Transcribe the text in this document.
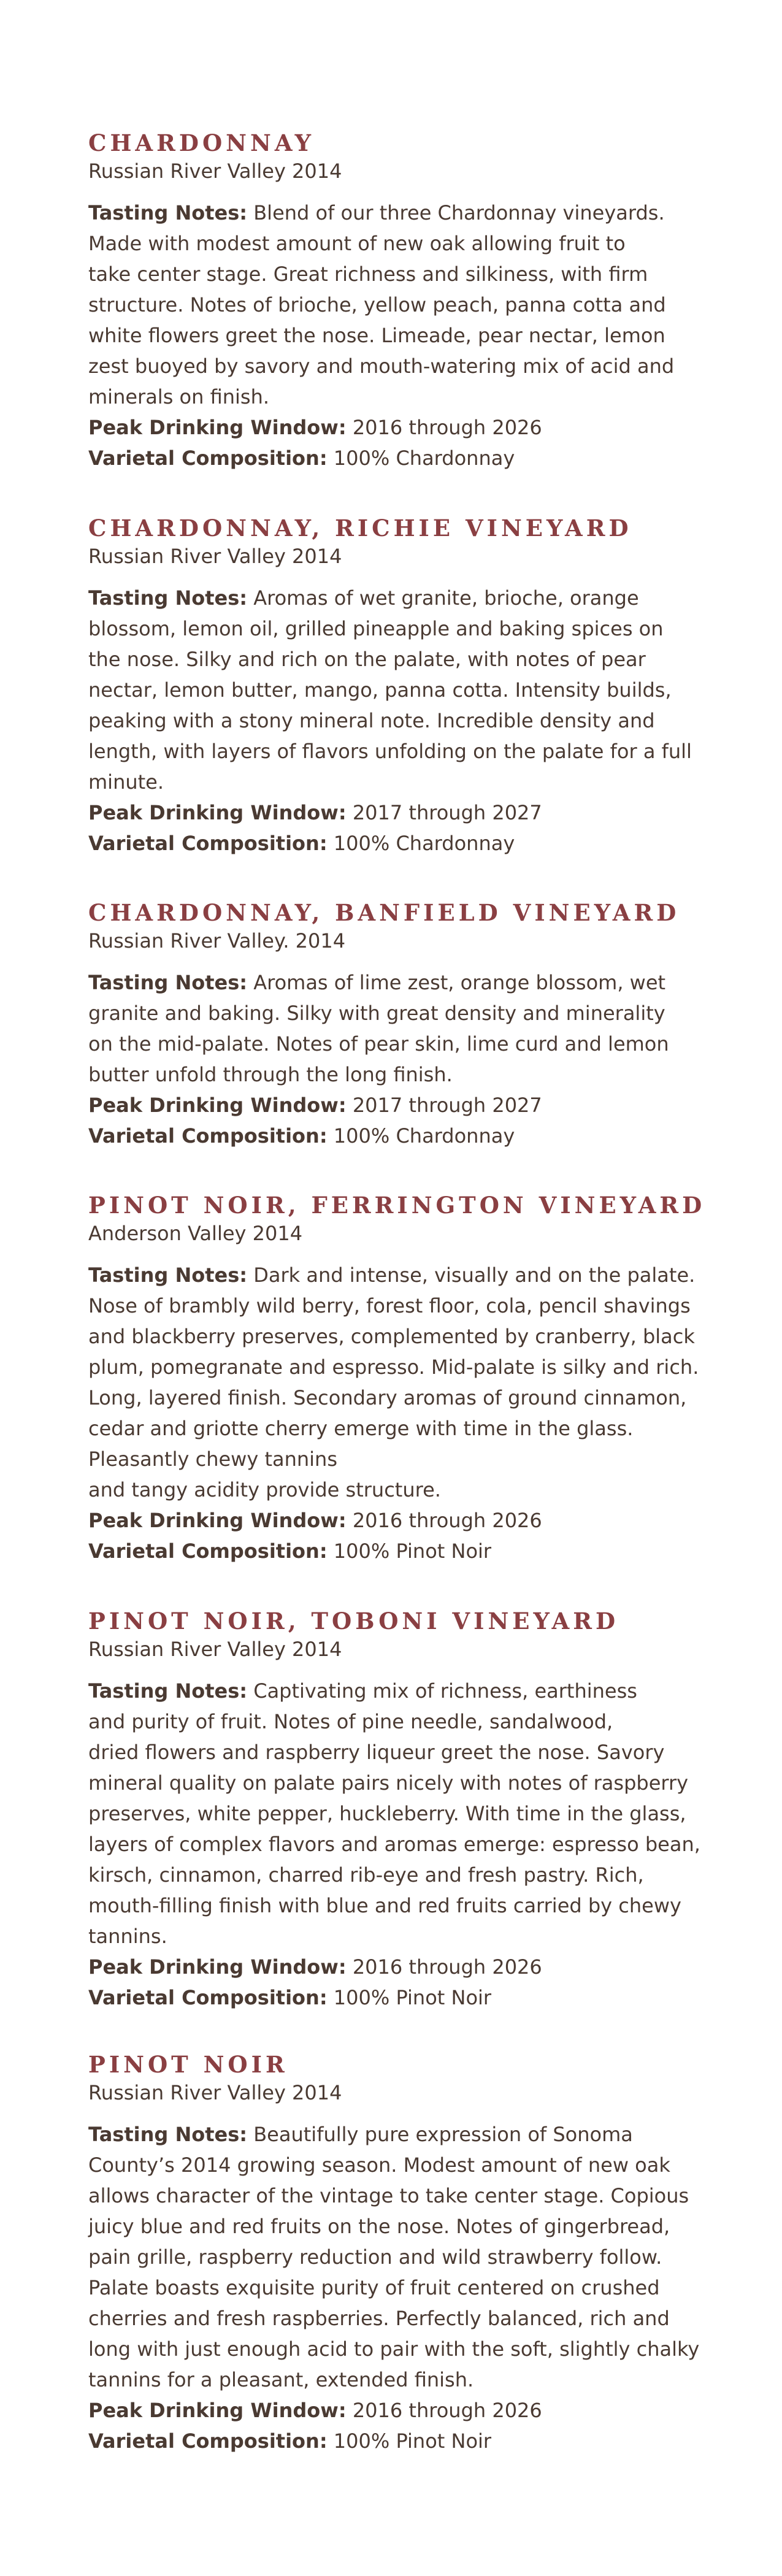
CHARDONNAY
Russian River Valley 2014
Tasting Notes: Blend of our three Chardonnay vineyards.
Made with modest amount of new oak allowing fruit to
take center stage. Great richness and silkiness, with firm
structure. Notes of brioche, yellow peach, panna cotta and
white flowers greet the nose. Limeade, pear nectar, lemon
zest buoyed by savory and mouth-watering mix of acid and
minerals on finish.
Peak Drinking Window: 2016 through 2026
Varietal Composition: 100% Chardonnay
CHARDONNAY, RICHIE VINEYARD
Russian River Valley 2014
Tasting Notes: Aromas of wet granite, brioche, orange
blossom, lemon oil, grilled pineapple and baking spices on
the nose. Silky and rich on the palate, with notes of pear
nectar, lemon butter, mango, panna cotta. Intensity builds,
peaking with a stony mineral note. Incredible density and
length, with layers of flavors unfolding on the palate for a full
minute.
Peak Drinking Window: 2017 through 2027
Varietal Composition: 100% Chardonnay
CHARDONNAY, BANFIELD VINEYARD
Russian River Valley. 2014
Tasting Notes: Aromas of lime zest, orange blossom, wet
granite and baking. Silky with great density and minerality
on the mid-palate. Notes of pear skin, lime curd and lemon
butter unfold through the long finish.
Peak Drinking Window: 2017 through 2027
Varietal Composition: 100% Chardonnay
PINOT NOIR, FERRINGTON VINEYARD
Anderson Valley 2014
Tasting Notes: Dark and intense, visually and on the palate.
Nose of brambly wild berry, forest floor, cola, pencil shavings
and blackberry preserves, complemented by cranberry, black
plum, pomegranate and espresso. Mid-palate is silky and rich.
Long, layered finish. Secondary aromas of ground cinnamon,
cedar and griotte cherry emerge with time in the glass.
Pleasantly chewy tannins
and tangy acidity provide structure.
Peak Drinking Window: 2016 through 2026
Varietal Composition: 100% Pinot Noir
PINOT NOIR, TOBONI VINEYARD
Russian River Valley 2014
Tasting Notes: Captivating mix of richness, earthiness
and purity of fruit. Notes of pine needle, sandalwood,
dried flowers and raspberry liqueur greet the nose. Savory
mineral quality on palate pairs nicely with notes of raspberry
preserves, white pepper, huckleberry. With time in the glass,
layers of complex flavors and aromas emerge: espresso bean,
kirsch, cinnamon, charred rib-eye and fresh pastry. Rich,
mouth-filling finish with blue and red fruits carried by chewy
tannins.
Peak Drinking Window: 2016 through 2026
Varietal Composition: 100% Pinot Noir
PINOT NOIR
Russian River Valley 2014
Tasting Notes: Beautifully pure expression of Sonoma
County’s 2014 growing season. Modest amount of new oak
allows character of the vintage to take center stage. Copious
juicy blue and red fruits on the nose. Notes of gingerbread,
pain grille, raspberry reduction and wild strawberry follow.
Palate boasts exquisite purity of fruit centered on crushed
cherries and fresh raspberries. Perfectly balanced, rich and
long with just enough acid to pair with the soft, slightly chalky
tannins for a pleasant, extended finish.
Peak Drinking Window: 2016 through 2026
Varietal Composition: 100% Pinot Noir
